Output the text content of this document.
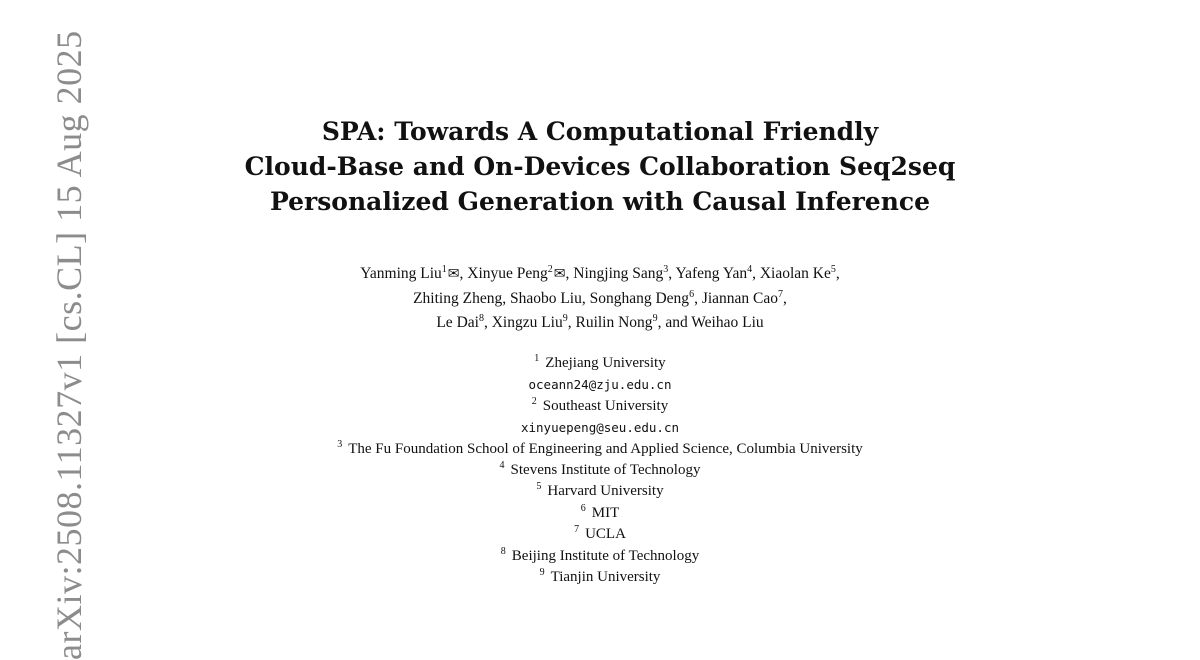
SPA: Towards A Computational Friendly
Cloud-Base and On-Devices Collaboration Seq2seq
Personalized Generation with Causal Inference
Yanming Liu$^1$✉, Xinyue Peng$^2$✉, Ningjing Sang$^3$, Yafeng Yan$^4$, Xiaolan Ke$^5$,
Zhiting Zheng, Shaobo Liu, Songhang Deng$^6$, Jiannan Cao$^7$,
Le Dai$^8$, Xingzu Liu$^9$, Ruilin Nong$^9$, and Weihao Liu
$^1$ Zhejiang University
oceann24@zju.edu.cn
$^2$ Southeast University
xinyuepeng@seu.edu.cn
$^3$ The Fu Foundation School of Engineering and Applied Science, Columbia University
$^4$ Stevens Institute of Technology
$^5$ Harvard University
$^6$ MIT
$^7$ UCLA
$^8$ Beijing Institute of Technology
$^9$ Tianjin University
arXiv:2508.11327v1 [cs.CL] 15 Aug 2025
